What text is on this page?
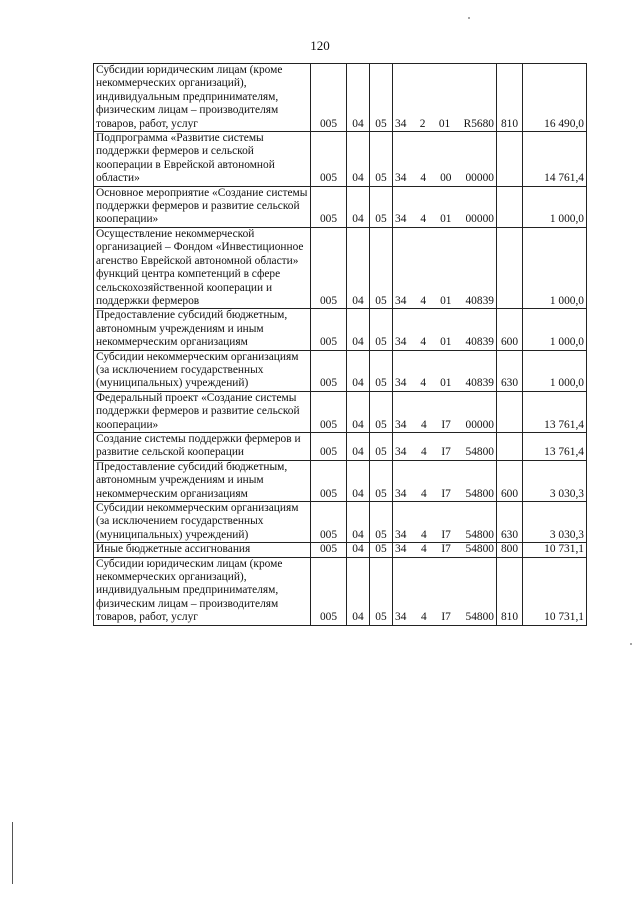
120
Субсидии юридическим лицам (кроме некоммерческих организаций), индивидуальным предпринимателям, физическим лицам – производителям товаров, работ, услуг	005	04	05	34 2 01 R5680	810	16 490,0
Подпрограмма «Развитие системы поддержки фермеров и сельской кооперации в Еврейской автономной области»	005	04	05	34 4 00 00000		14 761,4
Основное мероприятие «Создание системы поддержки фермеров и развитие сельской кооперации»	005	04	05	34 4 01 00000		1 000,0
Осуществление некоммерческой организацией – Фондом «Инвестиционное агенство Еврейской автономной области» функций центра компетенций в сфере сельскохозяйственной кооперации и поддержки фермеров	005	04	05	34 4 01 40839		1 000,0
Предоставление субсидий бюджетным, автономным учреждениям и иным некоммерческим организациям	005	04	05	34 4 01 40839	600	1 000,0
Субсидии некоммерческим организациям (за исключением государственных (муниципальных) учреждений)	005	04	05	34 4 01 40839	630	1 000,0
Федеральный проект «Создание системы поддержки фермеров и развитие сельской кооперации»	005	04	05	34 4 I7 00000		13 761,4
Создание системы поддержки фермеров и развитие сельской кооперации	005	04	05	34 4 I7 54800		13 761,4
Предоставление субсидий бюджетным, автономным учреждениям и иным некоммерческим организациям	005	04	05	34 4 I7 54800	600	3 030,3
Субсидии некоммерческим организациям (за исключением государственных (муниципальных) учреждений)	005	04	05	34 4 I7 54800	630	3 030,3
Иные бюджетные ассигнования	005	04	05	34 4 I7 54800	800	10 731,1
Субсидии юридическим лицам (кроме некоммерческих организаций), индивидуальным предпринимателям, физическим лицам – производителям товаров, работ, услуг	005	04	05	34 4 I7 54800	810	10 731,1
